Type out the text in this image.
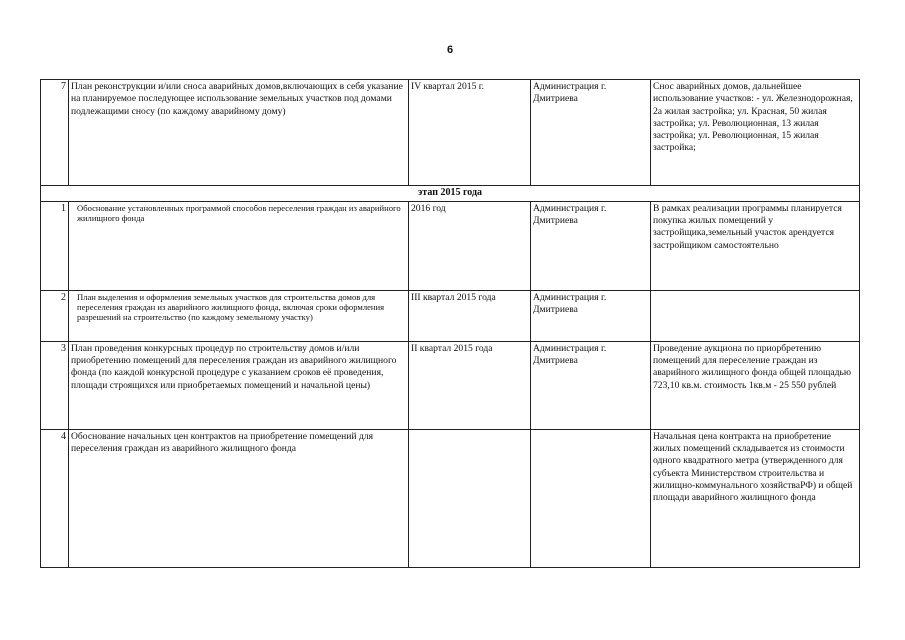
6
7	План реконструкции и/или сноса аварийных домов,включающих в себя указание на планируемое последующее использование земельных участков под домами подлежащими сносу (по каждому аварийному дому)	IV квартал 2015 г.	Администрация г. Дмитриева	Снос аварийных домов, дальнейшее использование участков: - ул. Железнодорожная, 2а жилая застройка; ул. Красная, 50 жилая застройка; ул. Революционная, 13 жилая застройка; ул. Революционная, 15 жилая застройка;
этап 2015 года				
1	Обоснование установленных программой способов переселения граждан из аварийного жилищного фонда	2016 год	Администрация г. Дмитриева	В рамках реализации программы планируется покупка жилых помещений у застройщика,земельный участок арендуется застройщиком самостоятельно
2	План выделения и оформления земельных участков для строительства домов для переселения граждан из аварийного жилищного фонда, включая сроки оформления разрешений на строительство (по каждому земельному участку)	III квартал 2015 года	Администрация г. Дмитриева	
3	План проведения конкурсных процедур по строительству домов и/или приобретению помещений для переселения граждан из аварийного жилищного фонда (по каждой конкурсной процедуре с указанием сроков её проведения, площади строящихся или приобретаемых помещений и начальной цены)	II квартал 2015 года	Администрация г. Дмитриева	Проведение аукциона по приорбретению помещений для переселение граждан из аварийного жилищного фонда общей площадью 723,10 кв.м. стоимость 1кв.м - 25 550 рублей
4	Обоснование начальных цен контрактов на приобретение помещений для переселения граждан из аварийного жилищного фонда			Начальная цена контракта на приобретение жилых помещений складывается из стоимости одного квадратного метра (утвержденного для субъекта Министерством строительства и жилищно-коммунального хозяйстваРФ) и общей площади аварийного жилищного фонда
